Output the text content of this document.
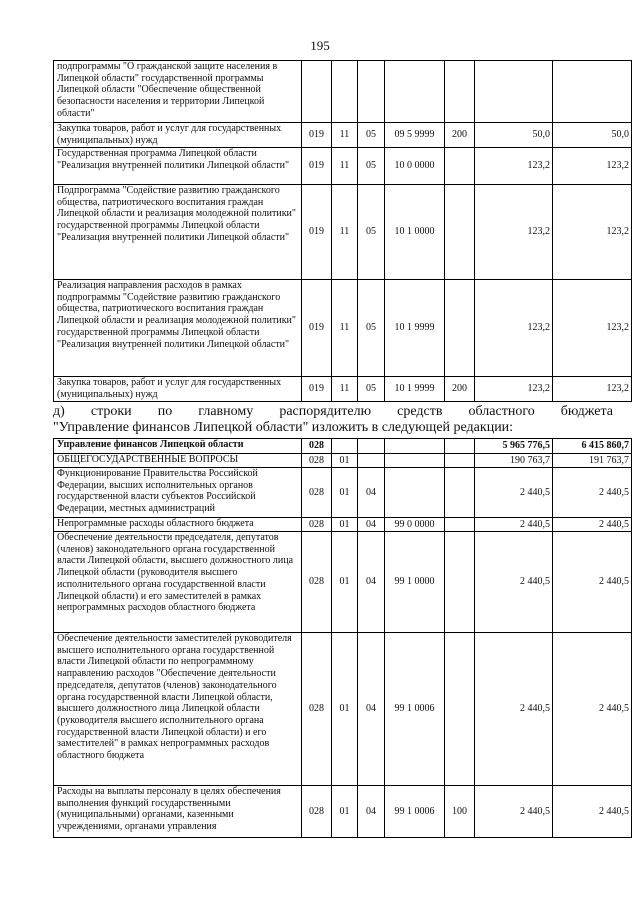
195
подпрограммы "О гражданской защите населения в Липецкой области" государственной программы Липецкой области "Обеспечение общественной безопасности населения и территории Липецкой области"							
Закупка товаров, работ и услуг для государственных (муниципальных) нужд	019	11	05	09 5 9999	200	50,0	50,0
Государственная программа Липецкой области "Реализация внутренней политики Липецкой области"	019	11	05	10 0 0000		123,2	123,2
Подпрограмма "Содействие развитию гражданского общества, патриотического воспитания граждан Липецкой области и реализация молодежной политики" государственной программы Липецкой области "Реализация внутренней политики Липецкой области"	019	11	05	10 1 0000		123,2	123,2
Реализация направления расходов в рамках подпрограммы "Содействие развитию гражданского общества, патриотического воспитания граждан Липецкой области и реализация молодежной политики" государственной программы Липецкой области "Реализация внутренней политики Липецкой области"	019	11	05	10 1 9999		123,2	123,2
Закупка товаров, работ и услуг для государственных (муниципальных) нужд	019	11	05	10 1 9999	200	123,2	123,2
д) строки по главному распорядителю средств областного бюджета
"Управление финансов Липецкой области" изложить в следующей редакции:
Управление финансов Липецкой области	028					5 965 776,5	6 415 860,7
ОБЩЕГОСУДАРСТВЕННЫЕ ВОПРОСЫ	028	01				190 763,7	191 763,7
Функционирование Правительства Российской Федерации, высших исполнительных органов государственной власти субъектов Российской Федерации, местных администраций	028	01	04			2 440,5	2 440,5
Непрограммные расходы областного бюджета	028	01	04	99 0 0000		2 440,5	2 440,5
Обеспечение деятельности председателя, депутатов (членов) законодательного органа государственной власти Липецкой области, высшего должностного лица Липецкой области (руководителя высшего исполнительного органа государственной власти Липецкой области) и его заместителей в рамках непрограммных расходов областного бюджета	028	01	04	99 1 0000		2 440,5	2 440,5
Обеспечение деятельности заместителей руководителя высшего исполнительного органа государственной власти Липецкой области по непрограммному направлению расходов "Обеспечение деятельности председателя, депутатов (членов) законодательного органа государственной власти Липецкой области, высшего должностного лица Липецкой области (руководителя высшего исполнительного органа государственной власти Липецкой области) и его заместителей" в рамках непрограммных расходов областного бюджета	028	01	04	99 1 0006		2 440,5	2 440,5
Расходы на выплаты персоналу в целях обеспечения выполнения функций государственными (муниципальными) органами, казенными учреждениями, органами управления	028	01	04	99 1 0006	100	2 440,5	2 440,5
